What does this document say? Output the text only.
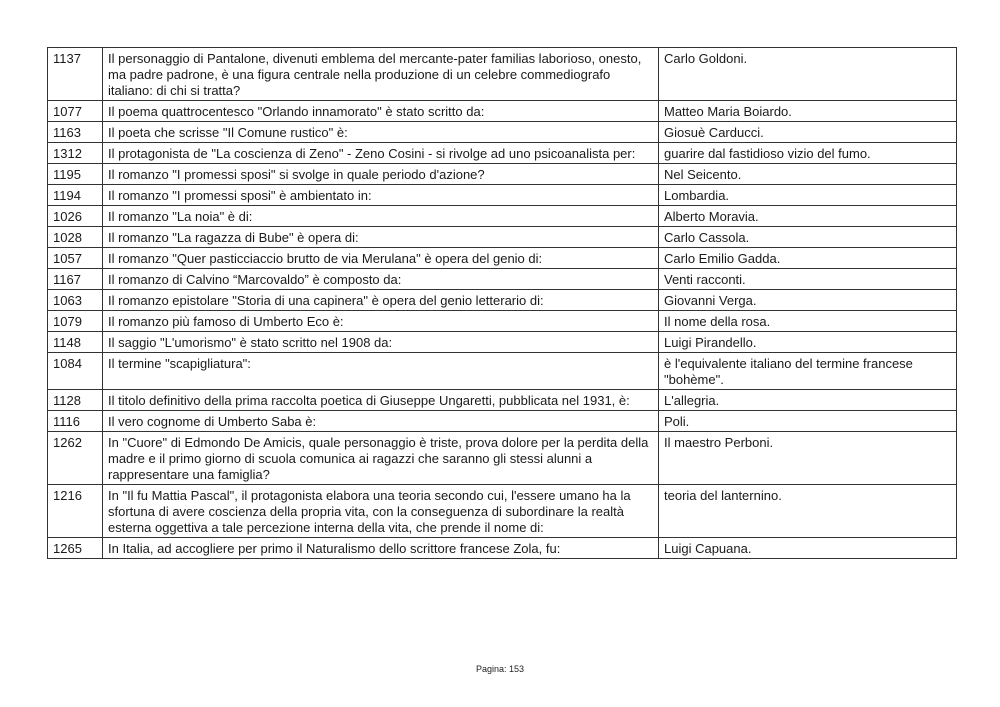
1137	Il personaggio di Pantalone, divenuti emblema del mercante-pater familias laborioso, onesto, ma padre padrone, è una figura centrale nella produzione di un celebre commediografo italiano: di chi si tratta?	Carlo Goldoni.
1077	Il poema quattrocentesco "Orlando innamorato" è stato scritto da:	Matteo Maria Boiardo.
1163	Il poeta che scrisse "Il Comune rustico" è:	Giosuè Carducci.
1312	Il protagonista de "La coscienza di Zeno" - Zeno Cosini - si rivolge ad uno psicoanalista per:	guarire dal fastidioso vizio del fumo.
1195	Il romanzo "I promessi sposi" si svolge in quale periodo d'azione?	Nel Seicento.
1194	Il romanzo "I promessi sposi" è ambientato in:	Lombardia.
1026	Il romanzo "La noia" è di:	Alberto Moravia.
1028	Il romanzo "La ragazza di Bube" è opera di:	Carlo Cassola.
1057	Il romanzo "Quer pasticciaccio brutto de via Merulana" è opera del genio di:	Carlo Emilio Gadda.
1167	Il romanzo di Calvino “Marcovaldo” è composto da:	Venti racconti.
1063	Il romanzo epistolare "Storia di una capinera" è opera del genio letterario di:	Giovanni Verga.
1079	Il romanzo più famoso di Umberto Eco è:	Il nome della rosa.
1148	Il saggio "L'umorismo" è stato scritto nel 1908 da:	Luigi Pirandello.
1084	Il termine "scapigliatura":	è l'equivalente italiano del termine francese "bohème".
1128	Il titolo definitivo della prima raccolta poetica di Giuseppe Ungaretti, pubblicata nel 1931, è:	L'allegria.
1116	Il vero cognome di Umberto Saba è:	Poli.
1262	In "Cuore" di Edmondo De Amicis, quale personaggio è triste, prova dolore per la perdita della madre e il primo giorno di scuola comunica ai ragazzi che saranno gli stessi alunni a rappresentare una famiglia?	Il maestro Perboni.
1216	In "Il fu Mattia Pascal", il protagonista elabora una teoria secondo cui, l'essere umano ha la sfortuna di avere coscienza della propria vita, con la conseguenza di subordinare la realtà esterna oggettiva a tale percezione interna della vita, che prende il nome di:	teoria del lanternino.
1265	In Italia, ad accogliere per primo il Naturalismo dello scrittore francese Zola, fu:	Luigi Capuana.
Pagina: 153
